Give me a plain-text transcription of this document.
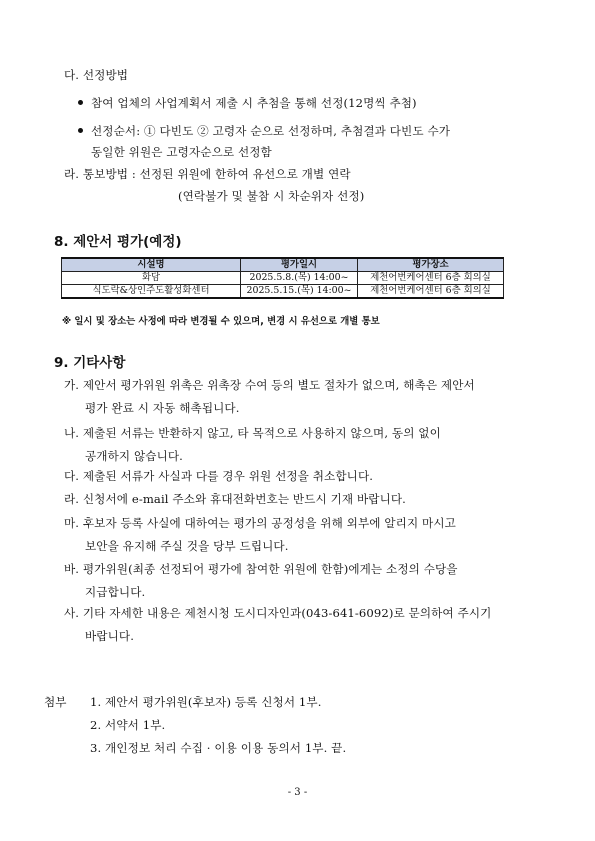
다. 선정방법
참여 업체의 사업계획서 제출 시 추첨을 통해 선정(12명씩 추첨)
선정순서: ① 다빈도 ② 고령자 순으로 선정하며, 추첨결과 다빈도 수가
동일한 위원은 고령자순으로 선정함
라. 통보방법 : 선정된 위원에 한하여 유선으로 개별 연락
(연락불가 및 불참 시 차순위자 선정)
8. 제안서 평가(예정)
시설명	평가일시	평가장소
화담	2025.5.8.(목) 14:00~	제천어번케어센터 6층 회의실
식도락&상인주도활성화센터	2025.5.15.(목) 14:00~	제천어번케어센터 6층 회의실
※ 일시 및 장소는 사정에 따라 변경될 수 있으며, 변경 시 유선으로 개별 통보
9. 기타사항
가. 제안서 평가위원 위촉은 위촉장 수여 등의 별도 절차가 없으며, 해촉은 제안서
평가 완료 시 자동 해촉됩니다.
나. 제출된 서류는 반환하지 않고, 타 목적으로 사용하지 않으며, 동의 없이
공개하지 않습니다.
다. 제출된 서류가 사실과 다를 경우 위원 선정을 취소합니다.
라. 신청서에 e-mail 주소와 휴대전화번호는 반드시 기재 바랍니다.
마. 후보자 등록 사실에 대하여는 평가의 공정성을 위해 외부에 알리지 마시고
보안을 유지해 주실 것을 당부 드립니다.
바. 평가위원(최종 선정되어 평가에 참여한 위원에 한함)에게는 소정의 수당을
지급합니다.
사. 기타 자세한 내용은 제천시청 도시디자인과(043-641-6092)로 문의하여 주시기
바랍니다.
첨부 1. 제안서 평가위원(후보자) 등록 신청서 1부.
2. 서약서 1부.
3. 개인정보 처리 수집 · 이용 이용 동의서 1부. 끝.
- 3 -
